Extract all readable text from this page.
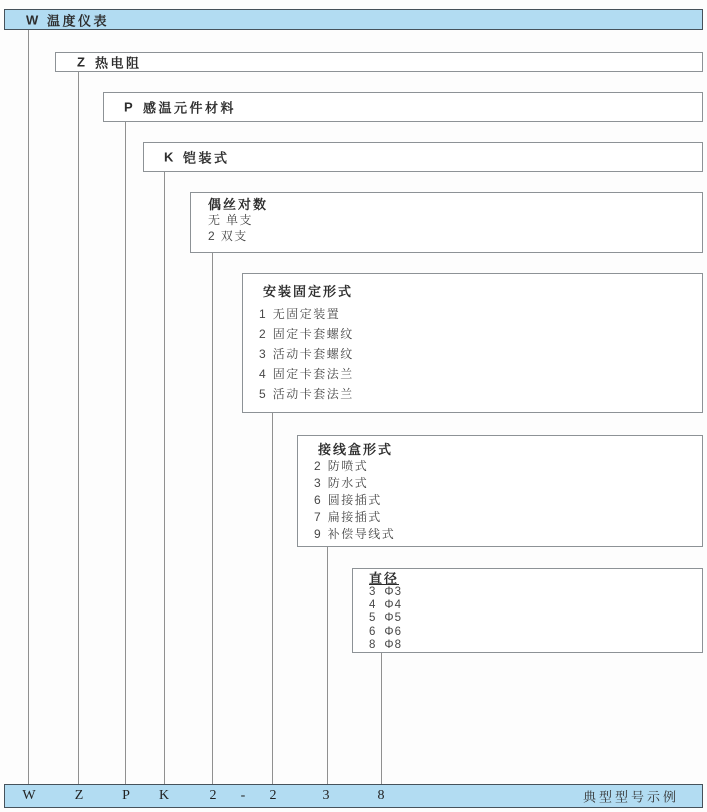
W 温度仪表
Z 热电阻
P 感温元件材料
K 铠装式
偶丝对数
无 单支
2 双支
安装固定形式
1 无固定装置
2 固定卡套螺纹
3 活动卡套螺纹
4 固定卡套法兰
5 活动卡套法兰
接线盒形式
2 防喷式
3 防水式
6 圆接插式
7 扁接插式
9 补偿导线式
直径
3 Φ3
4 Φ4
5 Φ5
6 Φ6
8 Φ8
W	Z	P K	2 - 2	3	8	典型型号示例
